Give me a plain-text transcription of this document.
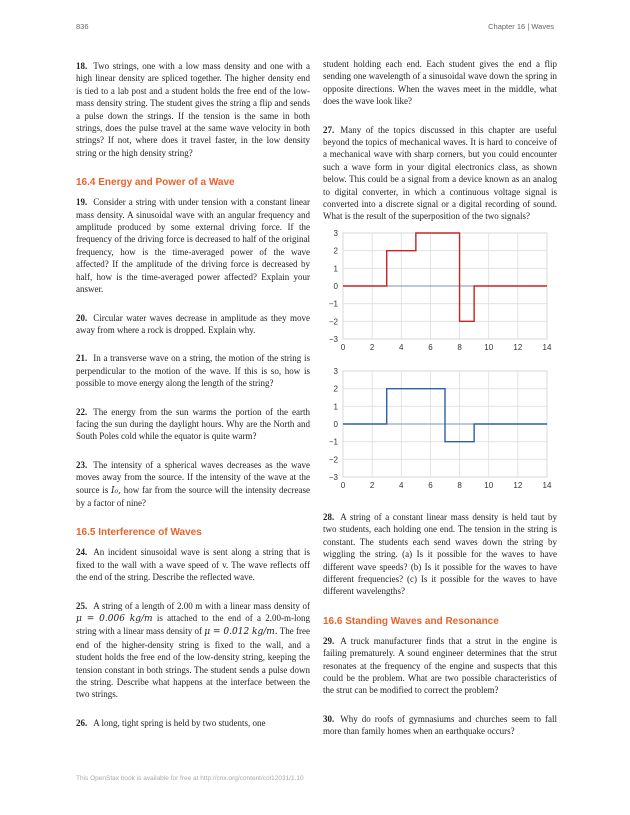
836	Chapter 16 | Waves

18. Two strings, one with a low mass density and one with a high linear density are spliced together. The higher density end is tied to a lab post and a student holds the free end of the low-mass density string. The student gives the string a flip and sends a pulse down the strings. If the tension is the same in both strings, does the pulse travel at the same wave velocity in both strings? If not, where does it travel faster, in the low density string or the high density string?

16.4 Energy and Power of a Wave

19. Consider a string with under tension with a constant linear mass density. A sinusoidal wave with an angular frequency and amplitude produced by some external driving force. If the frequency of the driving force is decreased to half of the original frequency, how is the time-averaged power of the wave affected? If the amplitude of the driving force is decreased by half, how is the time-averaged power affected? Explain your answer.

20. Circular water waves decrease in amplitude as they move away from where a rock is dropped. Explain why.

21. In a transverse wave on a string, the motion of the string is perpendicular to the motion of the wave. If this is so, how is possible to move energy along the length of the string?

22. The energy from the sun warms the portion of the earth facing the sun during the daylight hours. Why are the North and South Poles cold while the equator is quite warm?

23. The intensity of a spherical waves decreases as the wave moves away from the source. If the intensity of the wave at the source is I₀, how far from the source will the intensity decrease by a factor of nine?

16.5 Interference of Waves

24. An incident sinusoidal wave is sent along a string that is fixed to the wall with a wave speed of v. The wave reflects off the end of the string. Describe the reflected wave.

25. A string of a length of 2.00 m with a linear mass density of μ = 0.006 kg/m is attached to the end of a 2.00-m-long string with a linear mass density of μ = 0.012 kg/m. The free end of the higher-density string is fixed to the wall, and a student holds the free end of the low-density string, keeping the tension constant in both strings. The student sends a pulse down the string. Describe what happens at the interface between the two strings.

26. A long, tight spring is held by two students, one

student holding each end. Each student gives the end a flip sending one wavelength of a sinusoidal wave down the spring in opposite directions. When the waves meet in the middle, what does the wave look like?

27. Many of the topics discussed in this chapter are useful beyond the topics of mechanical waves. It is hard to conceive of a mechanical wave with sharp corners, but you could encounter such a wave form in your digital electronics class, as shown below. This could be a signal from a device known as an analog to digital converter, in which a continuous voltage signal is converted into a discrete signal or a digital recording of sound. What is the result of the superposition of the two signals?

0	2	4	6	8	10	12	14
3
2
1
0
−1
−2
−3
0	2	4	6	8	10	12	14
3
2
1
0
−1
−2
−3

28. A string of a constant linear mass density is held taut by two students, each holding one end. The tension in the string is constant. The students each send waves down the string by wiggling the string. (a) Is it possible for the waves to have different wave speeds? (b) Is it possible for the waves to have different frequencies? (c) Is it possible for the waves to have different wavelengths?

16.6 Standing Waves and Resonance

29. A truck manufacturer finds that a strut in the engine is failing prematurely. A sound engineer determines that the strut resonates at the frequency of the engine and suspects that this could be the problem. What are two possible characteristics of the strut can be modified to correct the problem?

30. Why do roofs of gymnasiums and churches seem to fall more than family homes when an earthquake occurs?

This OpenStax book is available for free at http://cnx.org/content/col12031/1.10
